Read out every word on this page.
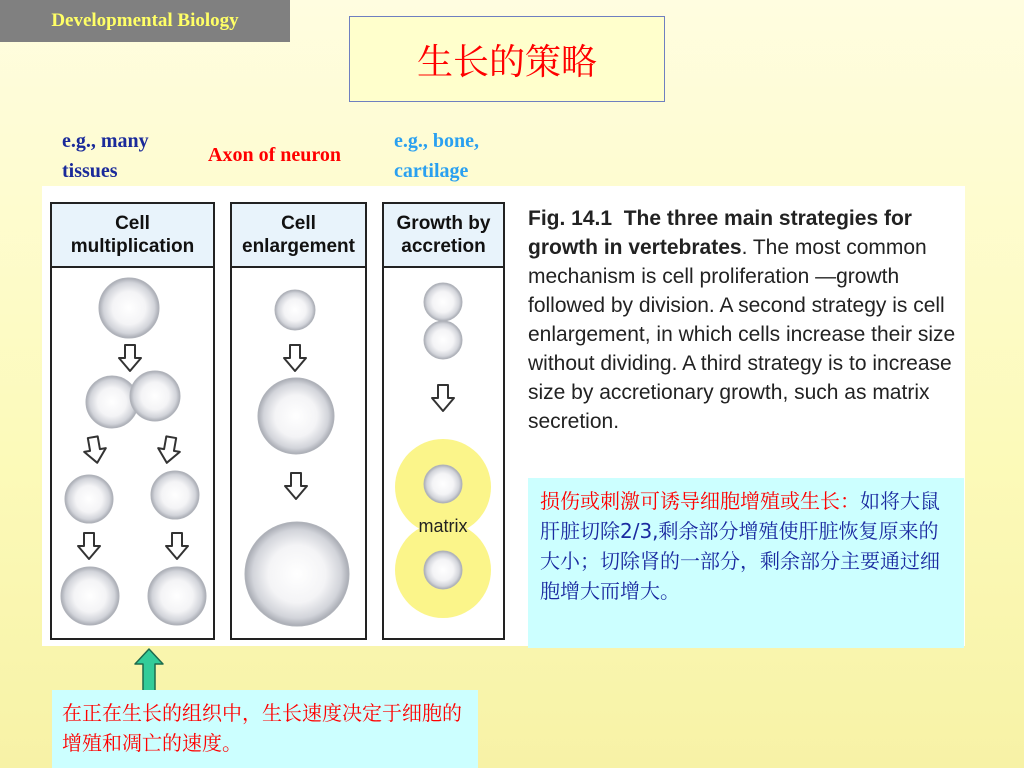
Developmental Biology
生长的策略
e.g., many
tissues
Axon of neuron
e.g., bone,
cartilage
Cell
multiplication
Cell
enlargement
Growth by
accretion
matrix
Fig. 14.1 The three main strategies for growth in vertebrates. The most common mechanism is cell proliferation —growth followed by division. A second strategy is cell enlargement, in which cells increase their size without dividing. A third strategy is to increase size by accretionary growth, such as matrix secretion.
损伤或刺激可诱导细胞增殖或生长：如将大鼠肝脏切除2/3,剩余部分增殖使肝脏恢复原来的大小；切除肾的一部分，剩余部分主要通过细胞增大而增大。
在正在生长的组织中，生长速度决定于细胞的增殖和凋亡的速度。
